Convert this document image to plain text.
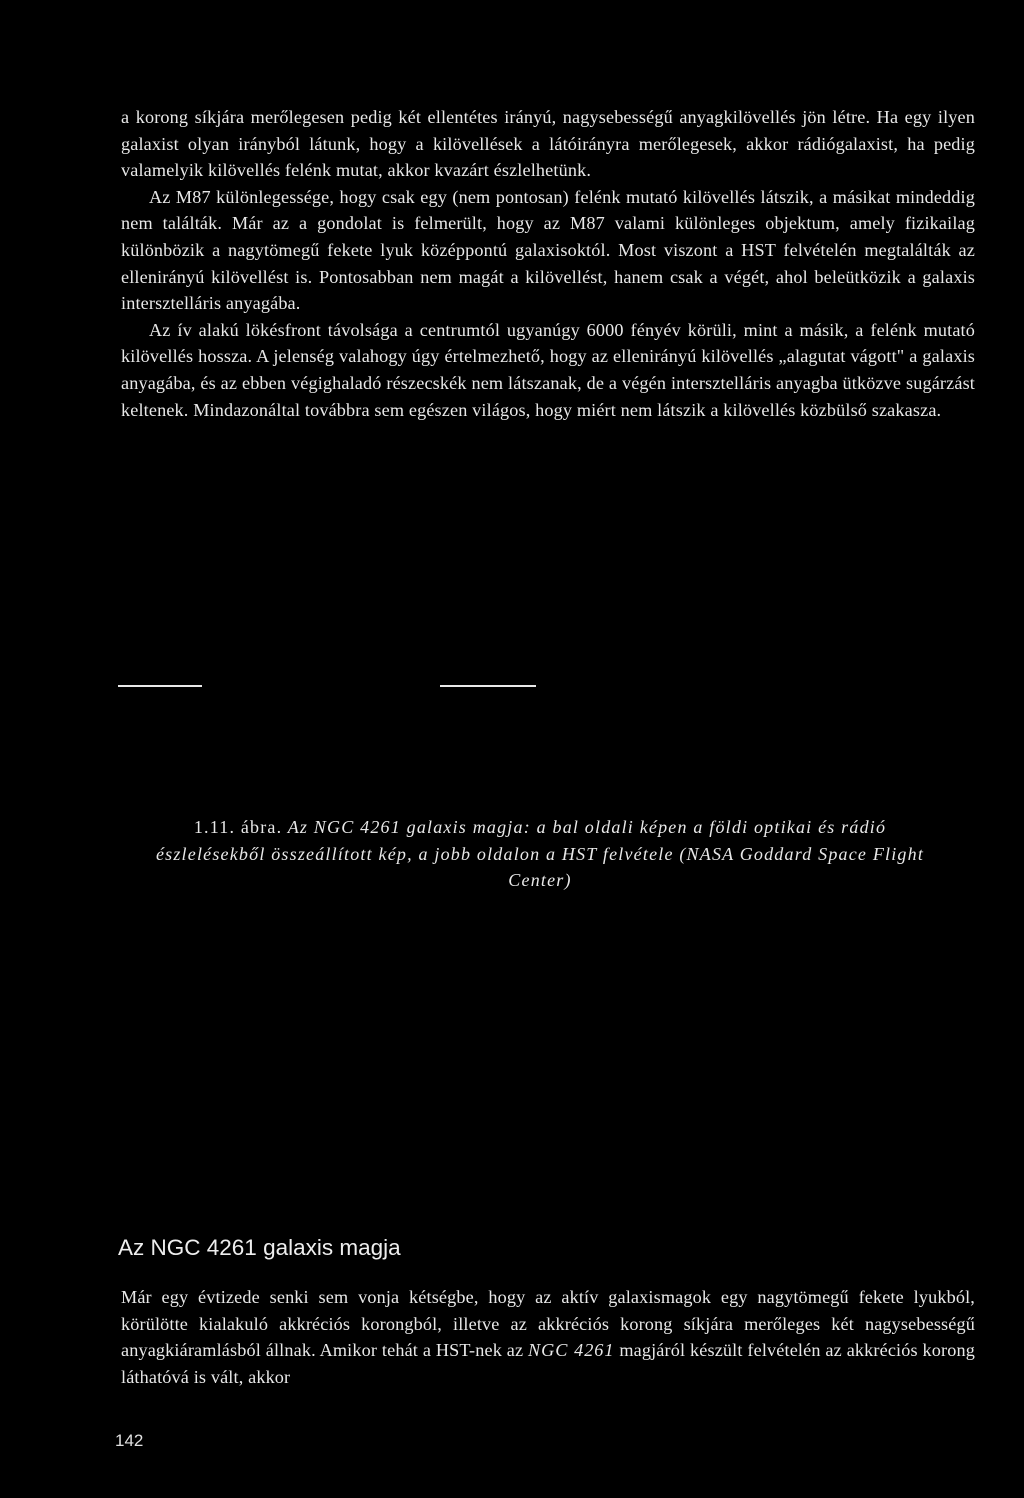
a korong síkjára merőlegesen pedig két ellentétes irányú, nagysebességű anyagkilövellés jön létre. Ha egy ilyen galaxist olyan irányból látunk, hogy a kilövellések a látóirányra merőlegesek, akkor rádiógalaxist, ha pedig valamelyik kilövellés felénk mutat, akkor kvazárt észlelhetünk.

Az M87 különlegessége, hogy csak egy (nem pontosan) felénk mutató kilövellés látszik, a másikat mindeddig nem találták. Már az a gondolat is felmerült, hogy az M87 valami különleges objektum, amely fizikailag különbözik a nagytömegű fekete lyuk középpontú galaxisoktól. Most viszont a HST felvételén megtalálták az ellenirányú kilövellést is. Pontosabban nem magát a kilövellést, hanem csak a végét, ahol beleütközik a galaxis intersztelláris anyagába.

Az ív alakú lökésfront távolsága a centrumtól ugyanúgy 6000 fényév körüli, mint a másik, a felénk mutató kilövellés hossza. A jelenség valahogy úgy értelmezhető, hogy az ellenirányú kilövellés „alagutat vágott" a galaxis anyagába, és az ebben végighaladó részecskék nem látszanak, de a végén intersztelláris anyagba ütközve sugárzást keltenek. Mindazonáltal továbbra sem egészen világos, hogy miért nem látszik a kilövellés közbülső szakasza.

1.11. ábra. Az NGC 4261 galaxis magja: a bal oldali képen a földi optikai és rádió észlelésekből összeállított kép, a jobb oldalon a HST felvétele (NASA Goddard Space Flight Center)
Az NGC 4261 galaxis magja

Már egy évtizede senki sem vonja kétségbe, hogy az aktív galaxismagok egy nagytömegű fekete lyukból, körülötte kialakuló akkréciós korongból, illetve az akkréciós korong síkjára merőleges két nagysebességű anyagkiáramlásból állnak. Amikor tehát a HST-nek az NGC 4261 magjáról készült felvételén az akkréciós korong láthatóvá is vált, akkor

142
